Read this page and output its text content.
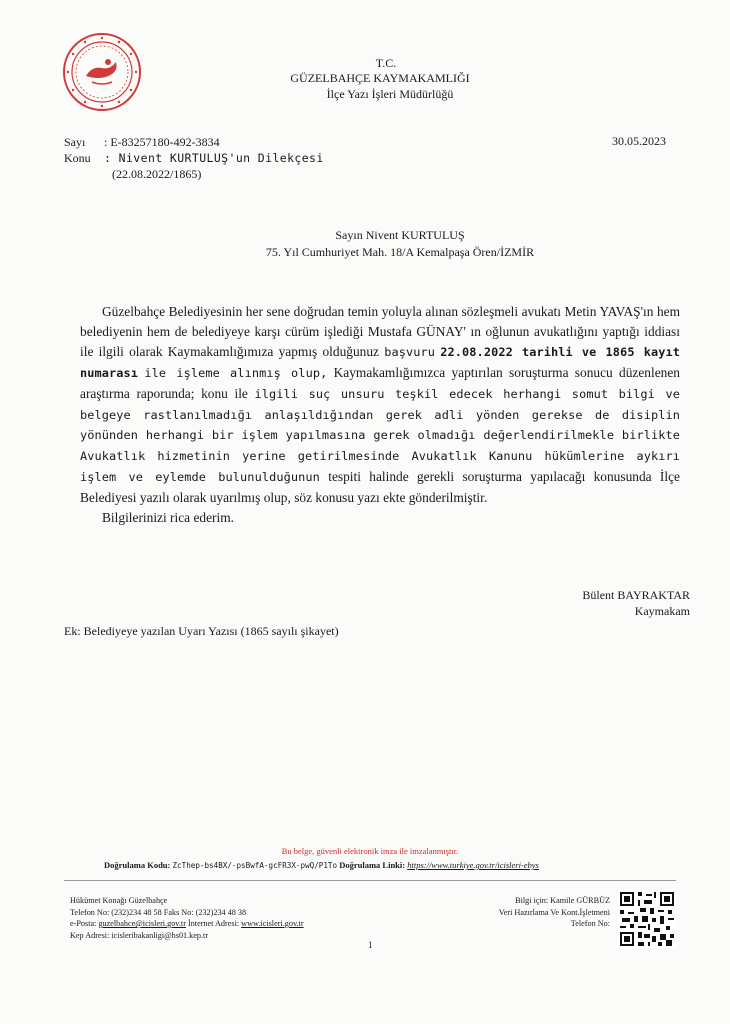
T.C.
GÜZELBAHÇE KAYMAKAMLIĞI
İlçe Yazı İşleri Müdürlüğü
Sayı	: E-83257180-492-3834
Konu	: Nivent KURTULUŞ'un Dilekçesi
(22.08.2022/1865)
30.05.2023
Sayın Nivent KURTULUŞ
75. Yıl Cumhuriyet Mah. 18/A Kemalpaşa Ören/İZMİR

Güzelbahçe Belediyesinin her sene doğrudan temin yoluyla alınan sözleşmeli avukatı Metin YAVAŞ'ın hem belediyenin hem de belediyeye karşı cürüm işlediği Mustafa GÜNAY' ın oğlunun avukatlığını yaptığı iddiası ile ilgili olarak Kaymakamlığımıza yapmış olduğunuz başvuru 22.08.2022 tarihli ve 1865 kayıt numarası ile işleme alınmış olup, Kaymakamlığımızca yaptırılan soruşturma sonucu düzenlenen araştırma raporunda; konu ile ilgili suç unsuru teşkil edecek herhangi somut bilgi ve belgeye rastlanılmadığı anlaşıldığından gerek adli yönden gerekse de disiplin yönünden herhangi bir işlem yapılmasına gerek olmadığı değerlendirilmekle birlikte Avukatlık hizmetinin yerine getirilmesinde Avukatlık Kanunu hükümlerine aykırı işlem ve eylemde bulunulduğunun tespiti halinde gerekli soruşturma yapılacağı konusunda İlçe Belediyesi yazılı olarak uyarılmış olup, söz konusu yazı ekte gönderilmiştir.

Bilgilerinizi rica ederim.

Bülent BAYRAKTAR
Kaymakam
Ek: Belediyeye yazılan Uyarı Yazısı (1865 sayılı şikayet)
Bu belge, güvenli elektronik imza ile imzalanmıştır.
Doğrulama Kodu: ZcThep-bs4BX/-psBwfA-gcFR3X-pwQ/P1To Doğrulama Linki: https://www.turkiye.gov.tr/icisleri-ebys
Hükümet Konağı Güzelbahçe
Telefon No: (232)234 48 58 Faks No: (232)234 48 38
e-Posta: guzelbahce@icisleri.gov.tr İnternet Adresi: www.icisleri.gov.tr
Kep Adresi: icisleribakanligi@hs01.kep.tr
Bilgi için: Kamile GÜRBÜZ
Veri Hazırlama Ve Kont.İşletmeni
Telefon No:
1
